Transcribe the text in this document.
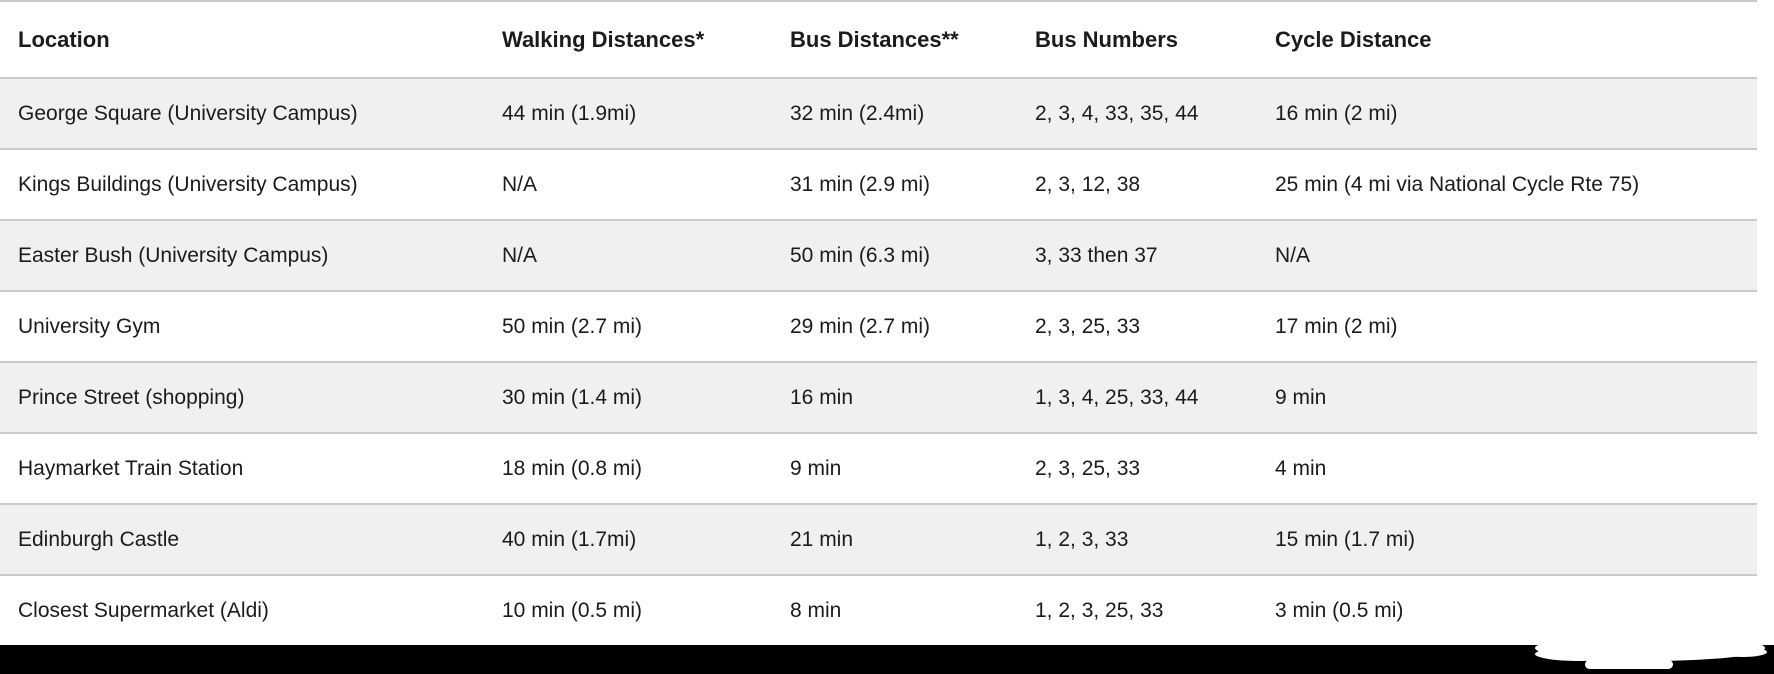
Location	Walking Distances*	Bus Distances**	Bus Numbers	Cycle Distance
George Square (University Campus)	44 min (1.9mi)	32 min (2.4mi)	2, 3, 4, 33, 35, 44	16 min (2 mi)
Kings Buildings (University Campus)	N/A	31 min (2.9 mi)	2, 3, 12, 38	25 min (4 mi via National Cycle Rte 75)
Easter Bush (University Campus)	N/A	50 min (6.3 mi)	3, 33 then 37	N/A
University Gym	50 min (2.7 mi)	29 min (2.7 mi)	2, 3, 25, 33	17 min (2 mi)
Prince Street (shopping)	30 min (1.4 mi)	16 min	1, 3, 4, 25, 33, 44	9 min
Haymarket Train Station	18 min (0.8 mi)	9 min	2, 3, 25, 33	4 min
Edinburgh Castle	40 min (1.7mi)	21 min	1, 2, 3, 33	15 min (1.7 mi)
Closest Supermarket (Aldi)	10 min (0.5 mi)	8 min	1, 2, 3, 25, 33	3 min (0.5 mi)
